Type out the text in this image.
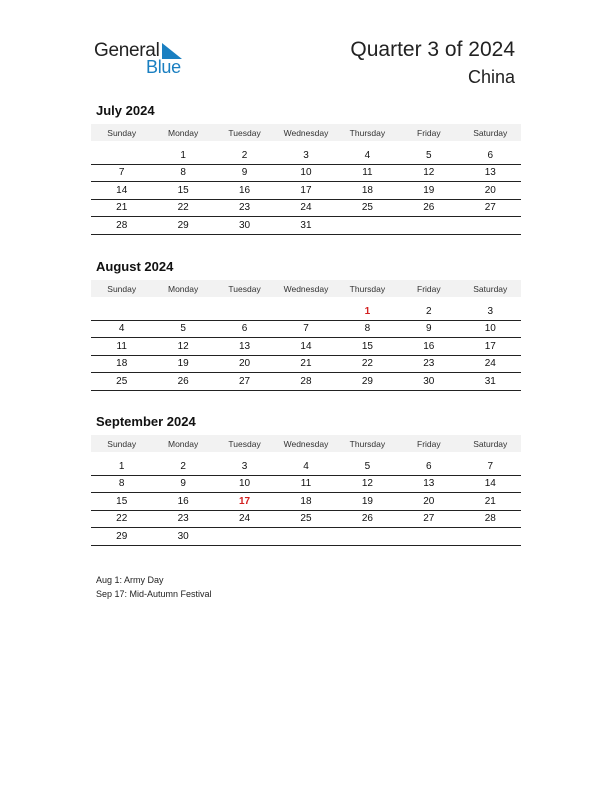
General
Blue
Quarter 3 of 2024
China
July 2024
Sunday	Monday	Tuesday	Wednesday	Thursday	Friday	Saturday

	1	2	3	4	5	6
7	8	9	10	11	12	13
14	15	16	17	18	19	20
21	22	23	24	25	26	27
28	29	30	31			
August 2024
Sunday	Monday	Tuesday	Wednesday	Thursday	Friday	Saturday

				1	2	3
4	5	6	7	8	9	10
11	12	13	14	15	16	17
18	19	20	21	22	23	24
25	26	27	28	29	30	31
September 2024
Sunday	Monday	Tuesday	Wednesday	Thursday	Friday	Saturday

1	2	3	4	5	6	7
8	9	10	11	12	13	14
15	16	17	18	19	20	21
22	23	24	25	26	27	28
29	30					
Aug 1: Army Day
Sep 17: Mid-Autumn Festival
